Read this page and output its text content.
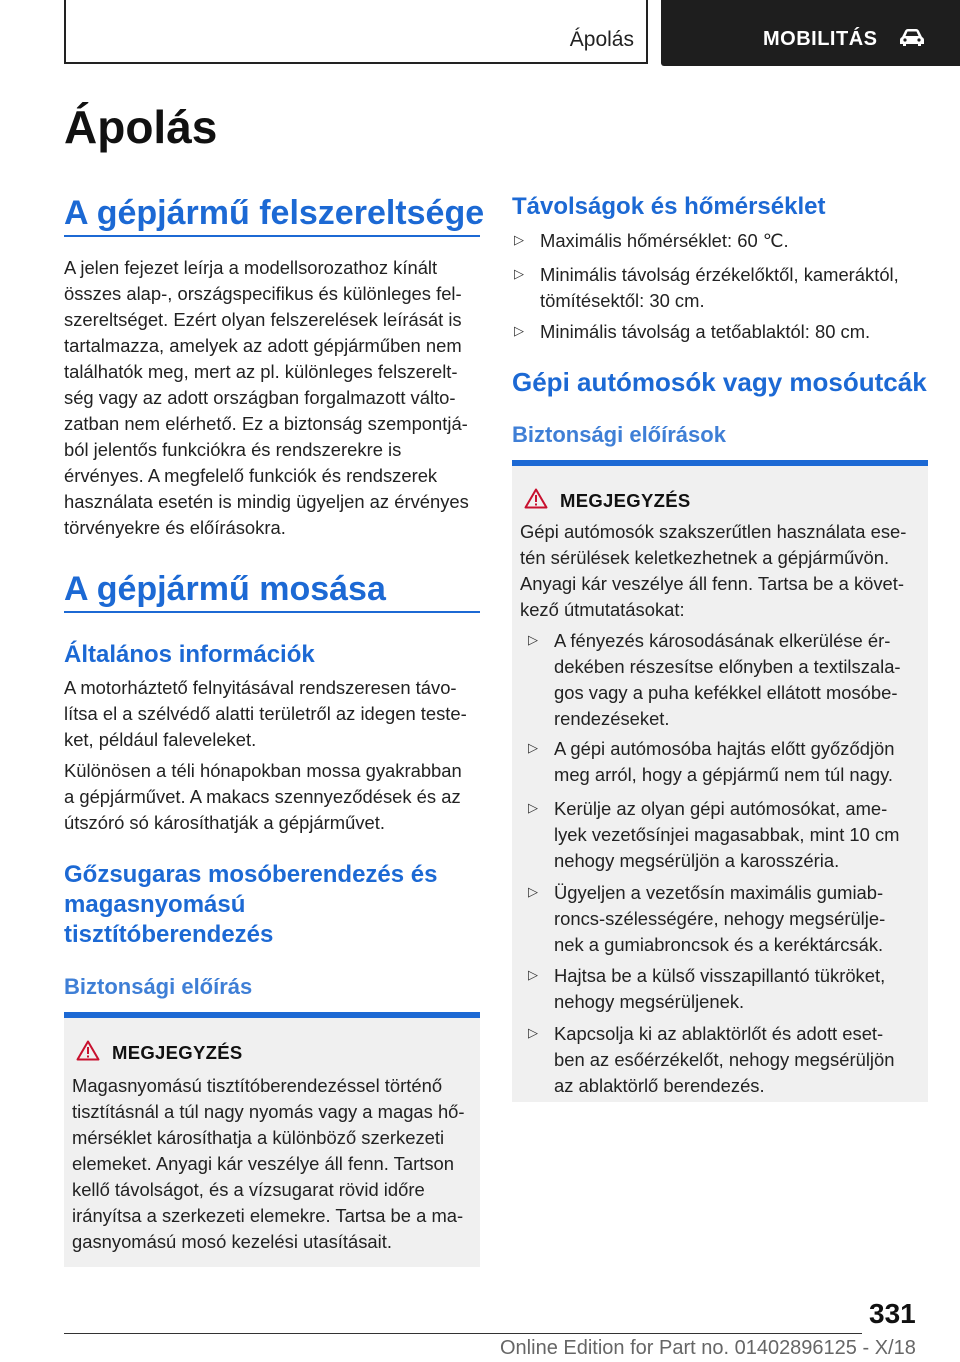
Ápolás	MOBILITÁS
Ápolás
A gépjármű felszereltsége
A jelen fejezet leírja a modellsorozathoz kínált
összes alap-, országspecifikus és különleges fel-
szereltséget. Ezért olyan felszerelések leírását is
tartalmazza, amelyek az adott gépjárműben nem
találhatók meg, mert az pl. különleges felszerelt-
ség vagy az adott országban forgalmazott válto-
zatban nem elérhető. Ez a biztonság szempontjá-
ból jelentős funkciókra és rendszerekre is
érvényes. A megfelelő funkciók és rendszerek
használata esetén is mindig ügyeljen az érvényes
törvényekre és előírásokra.
A gépjármű mosása
Általános információk
A motorháztető felnyitásával rendszeresen távo-
lítsa el a szélvédő alatti területről az idegen teste-
ket, például faleveleket.
Különösen a téli hónapokban mossa gyakrabban
a gépjárművet. A makacs szennyeződések és az
útszóró só károsíthatják a gépjárművet.
Gőzsugaras mosóberendezés és
magasnyomású
tisztítóberendezés
Biztonsági előírás
MEGJEGYZÉS
Magasnyomású tisztítóberendezéssel történő
tisztításnál a túl nagy nyomás vagy a magas hő-
mérséklet károsíthatja a különböző szerkezeti
elemeket. Anyagi kár veszélye áll fenn. Tartson
kellő távolságot, és a vízsugarat rövid időre
irányítsa a szerkezeti elemekre. Tartsa be a ma-
gasnyomású mosó kezelési utasításait.
Távolságok és hőmérséklet
▷ Maximális hőmérséklet: 60 ℃.
▷ Minimális távolság érzékelőktől, kameráktól,
tömítésektől: 30 cm.
▷ Minimális távolság a tetőablaktól: 80 cm.
Gépi autómosók vagy mosóutcák
Biztonsági előírások
MEGJEGYZÉS
Gépi autómosók szakszerűtlen használata ese-
tén sérülések keletkezhetnek a gépjárművön.
Anyagi kár veszélye áll fenn. Tartsa be a követ-
kező útmutatásokat:
▷ A fényezés károsodásának elkerülése ér-
dekében részesítse előnyben a textilszala-
gos vagy a puha kefékkel ellátott mosóbe-
rendezéseket.
▷ A gépi autómosóba hajtás előtt győződjön
meg arról, hogy a gépjármű nem túl nagy.
▷ Kerülje az olyan gépi autómosókat, ame-
lyek vezetősínjei magasabbak, mint 10 cm
nehogy megsérüljön a karosszéria.
▷ Ügyeljen a vezetősín maximális gumiab-
roncs-szélességére, nehogy megsérülje-
nek a gumiabroncsok és a keréktárcsák.
▷ Hajtsa be a külső visszapillantó tükröket,
nehogy megsérüljenek.
▷ Kapcsolja ki az ablaktörlőt és adott eset-
ben az esőérzékelőt, nehogy megsérüljön
az ablaktörlő berendezés.
331
Online Edition for Part no. 01402896125 - X/18
